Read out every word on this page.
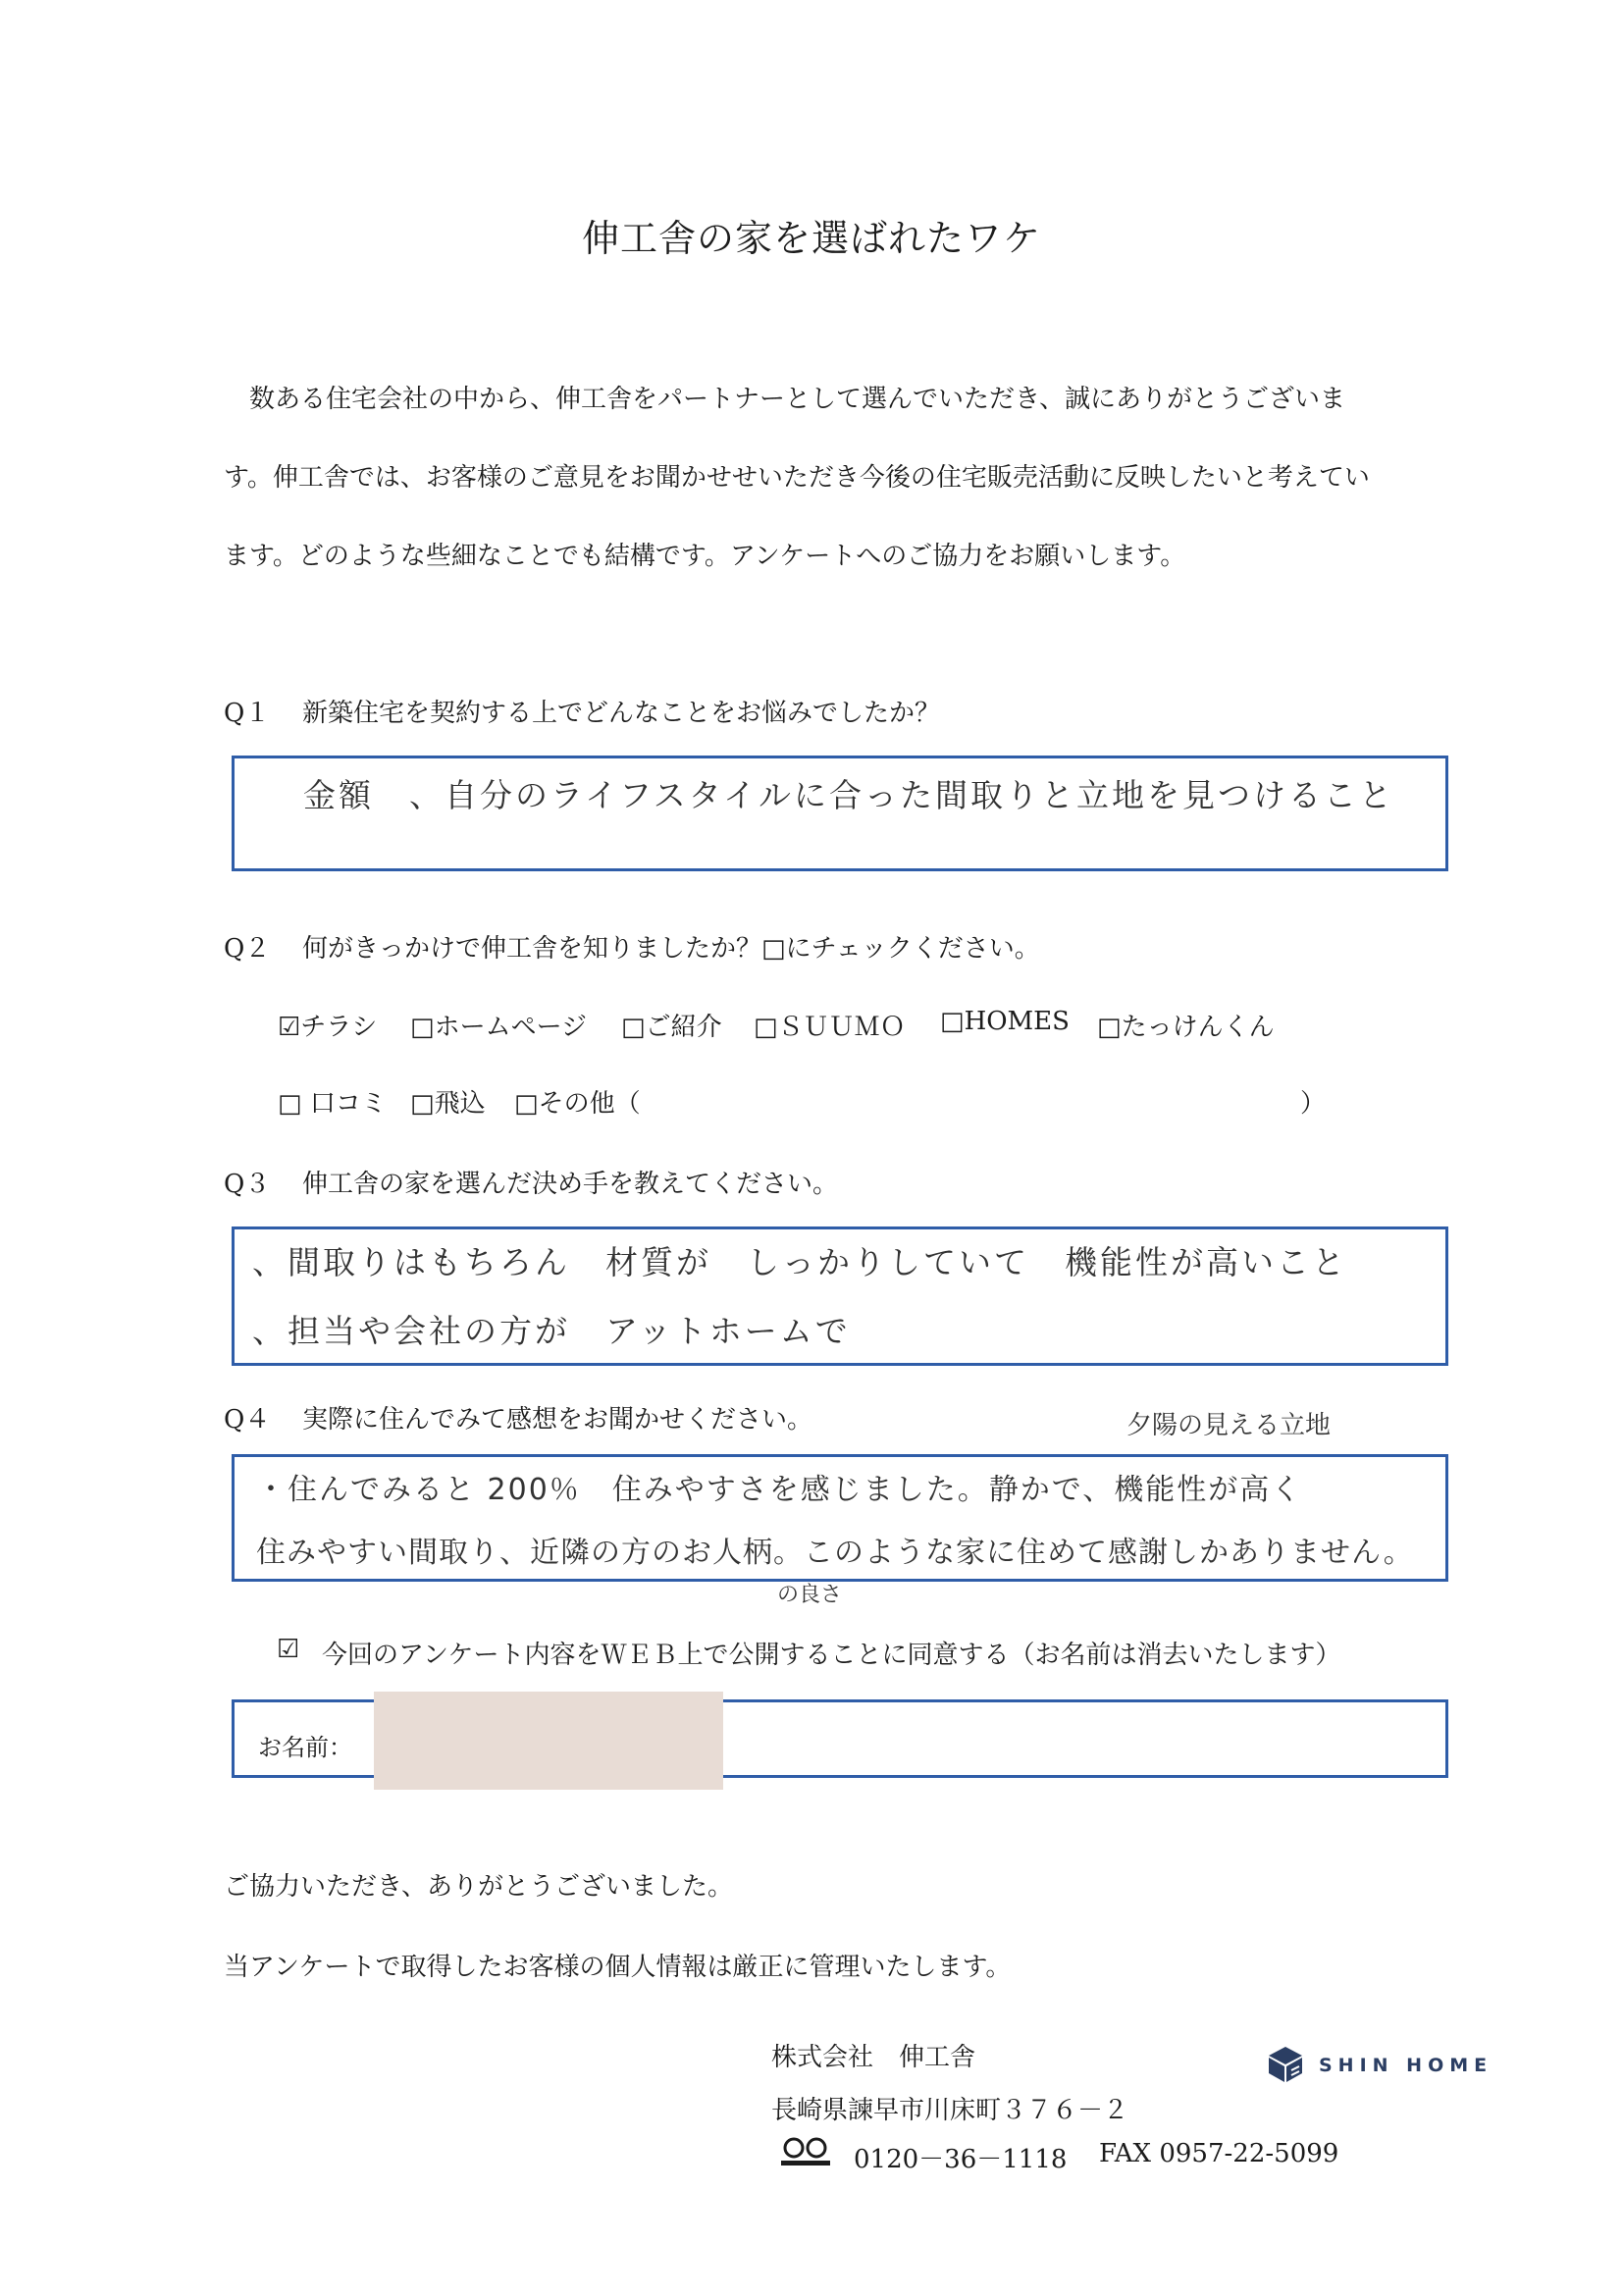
伸工舎の家を選ばれたワケ
数ある住宅会社の中から、伸工舎をパートナーとして選んでいただき、誠にありがとうございま
す。伸工舎では、お客様のご意見をお聞かせせいただき今後の住宅販売活動に反映したいと考えてい
ます。どのような些細なことでも結構です。アンケートへのご協力をお願いします。
Q１ 新築住宅を契約する上でどんなことをお悩みでしたか？
金額　、自分のライフスタイルに合った間取りと立地を見つけること
Q２ 何がきっかけで伸工舎を知りましたか？□にチェックください。
☑チラシ □ホームページ □ご紹介 □ＳＵＵＭＯ □HOMES □たっけんくん
□ 口コミ □飛込 □その他（	）
Q３ 伸工舎の家を選んだ決め手を教えてください。
、間取りはもちろん　材質が　しっかりしていて　機能性が高いこと
、担当や会社の方が　アットホームで
Q４ 実際に住んでみて感想をお聞かせください。	夕陽の見える立地
・住んでみると 200％　住みやすさを感じました。静かで、機能性が高く
住みやすい間取り、近隣の方のお人柄。このような家に住めて感謝しかありません。
の良さ
☑ 今回のアンケート内容をＷＥＢ上で公開することに同意する（お名前は消去いたします）
お名前：
ご協力いただき、ありがとうございました。
当アンケートで取得したお客様の個人情報は厳正に管理いたします。
株式会社　伸工舎
長崎県諫早市川床町３７６－２
0120－36－1118 FAX 0957-22-5099
SHIN HOME
